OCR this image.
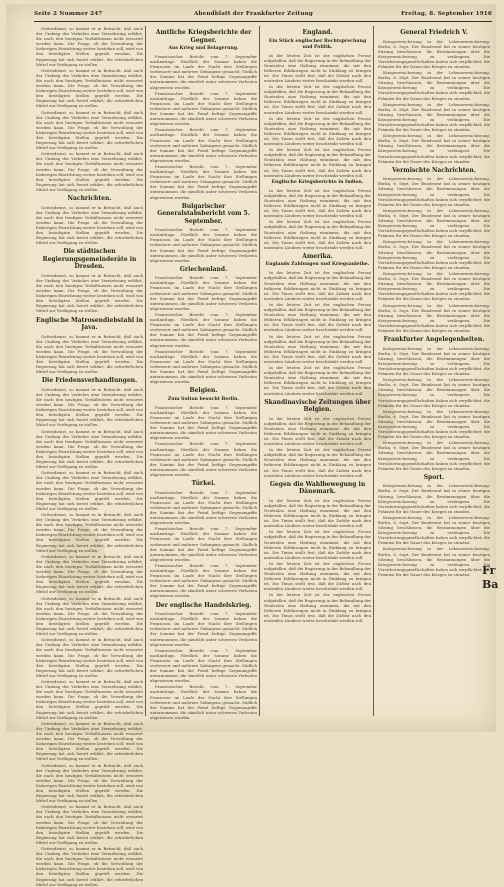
Seite 2 Nummer 247	Abendblatt der Frankfurter Zeitung	Freitag, 8. September 1916

Gottesdienst, so kommt er in Betracht, daß auch der Umfang des Verkehrs eine Vermehrung erfährt, die nach den heutigen Verhältnissen nicht erwartet werden kann. Die Frage, ob die Verwaltung der bisherigen Einrichtung weiter bestehen soll, wird von den beteiligten Stellen geprüft werden. Die Regierung hat sich bereit erklärt, die erforderlichen Mittel zur Verfügung zu stellen.

Gottesdienst, so kommt er in Betracht, daß auch der Umfang des Verkehrs eine Vermehrung erfährt, die nach den heutigen Verhältnissen nicht erwartet werden kann. Die Frage, ob die Verwaltung der bisherigen Einrichtung weiter bestehen soll, wird von den beteiligten Stellen geprüft werden. Die Regierung hat sich bereit erklärt, die erforderlichen Mittel zur Verfügung zu stellen.

Gottesdienst, so kommt er in Betracht, daß auch der Umfang des Verkehrs eine Vermehrung erfährt, die nach den heutigen Verhältnissen nicht erwartet werden kann. Die Frage, ob die Verwaltung der bisherigen Einrichtung weiter bestehen soll, wird von den beteiligten Stellen geprüft werden. Die Regierung hat sich bereit erklärt, die erforderlichen Mittel zur Verfügung zu stellen.

Gottesdienst, so kommt er in Betracht, daß auch der Umfang des Verkehrs eine Vermehrung erfährt, die nach den heutigen Verhältnissen nicht erwartet werden kann. Die Frage, ob die Verwaltung der bisherigen Einrichtung weiter bestehen soll, wird von den beteiligten Stellen geprüft werden. Die Regierung hat sich bereit erklärt, die erforderlichen Mittel zur Verfügung zu stellen.

Nachrichten.

Gottesdienst, so kommt er in Betracht, daß auch der Umfang des Verkehrs eine Vermehrung erfährt, die nach den heutigen Verhältnissen nicht erwartet werden kann. Die Frage, ob die Verwaltung der bisherigen Einrichtung weiter bestehen soll, wird von den beteiligten Stellen geprüft werden. Die Regierung hat sich bereit erklärt, die erforderlichen Mittel zur Verfügung zu stellen.

Die städtischen Regierungsgemeinderäte in Dresden.

Gottesdienst, so kommt er in Betracht, daß auch der Umfang des Verkehrs eine Vermehrung erfährt, die nach den heutigen Verhältnissen nicht erwartet werden kann. Die Frage, ob die Verwaltung der bisherigen Einrichtung weiter bestehen soll, wird von den beteiligten Stellen geprüft werden. Die Regierung hat sich bereit erklärt, die erforderlichen Mittel zur Verfügung zu stellen.

Englische Matrosendiebstahl in Java.

Gottesdienst, so kommt er in Betracht, daß auch der Umfang des Verkehrs eine Vermehrung erfährt, die nach den heutigen Verhältnissen nicht erwartet werden kann. Die Frage, ob die Verwaltung der bisherigen Einrichtung weiter bestehen soll, wird von den beteiligten Stellen geprüft werden. Die Regierung hat sich bereit erklärt, die erforderlichen Mittel zur Verfügung zu stellen.

Die Friedensverhandlungen.

Gottesdienst, so kommt er in Betracht, daß auch der Umfang des Verkehrs eine Vermehrung erfährt, die nach den heutigen Verhältnissen nicht erwartet werden kann. Die Frage, ob die Verwaltung der bisherigen Einrichtung weiter bestehen soll, wird von den beteiligten Stellen geprüft werden. Die Regierung hat sich bereit erklärt, die erforderlichen Mittel zur Verfügung zu stellen.

Gottesdienst, so kommt er in Betracht, daß auch der Umfang des Verkehrs eine Vermehrung erfährt, die nach den heutigen Verhältnissen nicht erwartet werden kann. Die Frage, ob die Verwaltung der bisherigen Einrichtung weiter bestehen soll, wird von den beteiligten Stellen geprüft werden. Die Regierung hat sich bereit erklärt, die erforderlichen Mittel zur Verfügung zu stellen.

Gottesdienst, so kommt er in Betracht, daß auch der Umfang des Verkehrs eine Vermehrung erfährt, die nach den heutigen Verhältnissen nicht erwartet werden kann. Die Frage, ob die Verwaltung der bisherigen Einrichtung weiter bestehen soll, wird von den beteiligten Stellen geprüft werden. Die Regierung hat sich bereit erklärt, die erforderlichen Mittel zur Verfügung zu stellen.

Gottesdienst, so kommt er in Betracht, daß auch der Umfang des Verkehrs eine Vermehrung erfährt, die nach den heutigen Verhältnissen nicht erwartet werden kann. Die Frage, ob die Verwaltung der bisherigen Einrichtung weiter bestehen soll, wird von den beteiligten Stellen geprüft werden. Die Regierung hat sich bereit erklärt, die erforderlichen Mittel zur Verfügung zu stellen.

Gottesdienst, so kommt er in Betracht, daß auch der Umfang des Verkehrs eine Vermehrung erfährt, die nach den heutigen Verhältnissen nicht erwartet werden kann. Die Frage, ob die Verwaltung der bisherigen Einrichtung weiter bestehen soll, wird von den beteiligten Stellen geprüft werden. Die Regierung hat sich bereit erklärt, die erforderlichen Mittel zur Verfügung zu stellen.

Gottesdienst, so kommt er in Betracht, daß auch der Umfang des Verkehrs eine Vermehrung erfährt, die nach den heutigen Verhältnissen nicht erwartet werden kann. Die Frage, ob die Verwaltung der bisherigen Einrichtung weiter bestehen soll, wird von den beteiligten Stellen geprüft werden. Die Regierung hat sich bereit erklärt, die erforderlichen Mittel zur Verfügung zu stellen.

Gottesdienst, so kommt er in Betracht, daß auch der Umfang des Verkehrs eine Vermehrung erfährt, die nach den heutigen Verhältnissen nicht erwartet werden kann. Die Frage, ob die Verwaltung der bisherigen Einrichtung weiter bestehen soll, wird von den beteiligten Stellen geprüft werden. Die Regierung hat sich bereit erklärt, die erforderlichen Mittel zur Verfügung zu stellen.

Gottesdienst, so kommt er in Betracht, daß auch der Umfang des Verkehrs eine Vermehrung erfährt, die nach den heutigen Verhältnissen nicht erwartet werden kann. Die Frage, ob die Verwaltung der bisherigen Einrichtung weiter bestehen soll, wird von den beteiligten Stellen geprüft werden. Die Regierung hat sich bereit erklärt, die erforderlichen Mittel zur Verfügung zu stellen.

Gottesdienst, so kommt er in Betracht, daß auch der Umfang des Verkehrs eine Vermehrung erfährt, die nach den heutigen Verhältnissen nicht erwartet werden kann. Die Frage, ob die Verwaltung der bisherigen Einrichtung weiter bestehen soll, wird von den beteiligten Stellen geprüft werden. Die Regierung hat sich bereit erklärt, die erforderlichen Mittel zur Verfügung zu stellen.

Gottesdienst, so kommt er in Betracht, daß auch der Umfang des Verkehrs eine Vermehrung erfährt, die nach den heutigen Verhältnissen nicht erwartet werden kann. Die Frage, ob die Verwaltung der bisherigen Einrichtung weiter bestehen soll, wird von den beteiligten Stellen geprüft werden. Die Regierung hat sich bereit erklärt, die erforderlichen Mittel zur Verfügung zu stellen.

Gottesdienst, so kommt er in Betracht, daß auch der Umfang des Verkehrs eine Vermehrung erfährt, die nach den heutigen Verhältnissen nicht erwartet werden kann. Die Frage, ob die Verwaltung der bisherigen Einrichtung weiter bestehen soll, wird von den beteiligten Stellen geprüft werden. Die Regierung hat sich bereit erklärt, die erforderlichen Mittel zur Verfügung zu stellen.

Gottesdienst, so kommt er in Betracht, daß auch der Umfang des Verkehrs eine Vermehrung erfährt, die nach den heutigen Verhältnissen nicht erwartet werden kann. Die Frage, ob die Verwaltung der bisherigen Einrichtung weiter bestehen soll, wird von den beteiligten Stellen geprüft werden. Die Regierung hat sich bereit erklärt, die erforderlichen Mittel zur Verfügung zu stellen.

Amtliche Kriegsberichte der Gegner.
Aus Krieg und Belagerung.

Französischer Bericht vom 7. September nachmittags. Nördlich der Somme haben die Franzosen im Laufe der Nacht ihre Stellungen verbessert und mehrere Gefangene gemacht. Südlich der Somme hat der Feind heftige Gegenangriffe unternommen, die sämtlich unter schweren Verlusten abgewiesen wurden.

Französischer Bericht vom 7. September nachmittags. Nördlich der Somme haben die Franzosen im Laufe der Nacht ihre Stellungen verbessert und mehrere Gefangene gemacht. Südlich der Somme hat der Feind heftige Gegenangriffe unternommen, die sämtlich unter schweren Verlusten abgewiesen wurden.

Französischer Bericht vom 7. September nachmittags. Nördlich der Somme haben die Franzosen im Laufe der Nacht ihre Stellungen verbessert und mehrere Gefangene gemacht. Südlich der Somme hat der Feind heftige Gegenangriffe unternommen, die sämtlich unter schweren Verlusten abgewiesen wurden.

Französischer Bericht vom 7. September nachmittags. Nördlich der Somme haben die Franzosen im Laufe der Nacht ihre Stellungen verbessert und mehrere Gefangene gemacht. Südlich der Somme hat der Feind heftige Gegenangriffe unternommen, die sämtlich unter schweren Verlusten abgewiesen wurden.

Bulgarischer Generalstabsbericht vom 5. September.

Französischer Bericht vom 7. September nachmittags. Nördlich der Somme haben die Franzosen im Laufe der Nacht ihre Stellungen verbessert und mehrere Gefangene gemacht. Südlich der Somme hat der Feind heftige Gegenangriffe unternommen, die sämtlich unter schweren Verlusten abgewiesen wurden.

Griechenland.

Französischer Bericht vom 7. September nachmittags. Nördlich der Somme haben die Franzosen im Laufe der Nacht ihre Stellungen verbessert und mehrere Gefangene gemacht. Südlich der Somme hat der Feind heftige Gegenangriffe unternommen, die sämtlich unter schweren Verlusten abgewiesen wurden.

Französischer Bericht vom 7. September nachmittags. Nördlich der Somme haben die Franzosen im Laufe der Nacht ihre Stellungen verbessert und mehrere Gefangene gemacht. Südlich der Somme hat der Feind heftige Gegenangriffe unternommen, die sämtlich unter schweren Verlusten abgewiesen wurden.

Französischer Bericht vom 7. September nachmittags. Nördlich der Somme haben die Franzosen im Laufe der Nacht ihre Stellungen verbessert und mehrere Gefangene gemacht. Südlich der Somme hat der Feind heftige Gegenangriffe unternommen, die sämtlich unter schweren Verlusten abgewiesen wurden.

Belgien.
Zum Sultan besucht Berlin.

Französischer Bericht vom 7. September nachmittags. Nördlich der Somme haben die Franzosen im Laufe der Nacht ihre Stellungen verbessert und mehrere Gefangene gemacht. Südlich der Somme hat der Feind heftige Gegenangriffe unternommen, die sämtlich unter schweren Verlusten abgewiesen wurden.

Französischer Bericht vom 7. September nachmittags. Nördlich der Somme haben die Franzosen im Laufe der Nacht ihre Stellungen verbessert und mehrere Gefangene gemacht. Südlich der Somme hat der Feind heftige Gegenangriffe unternommen, die sämtlich unter schweren Verlusten abgewiesen wurden.

Türkei.

Französischer Bericht vom 7. September nachmittags. Nördlich der Somme haben die Franzosen im Laufe der Nacht ihre Stellungen verbessert und mehrere Gefangene gemacht. Südlich der Somme hat der Feind heftige Gegenangriffe unternommen, die sämtlich unter schweren Verlusten abgewiesen wurden.

Französischer Bericht vom 7. September nachmittags. Nördlich der Somme haben die Franzosen im Laufe der Nacht ihre Stellungen verbessert und mehrere Gefangene gemacht. Südlich der Somme hat der Feind heftige Gegenangriffe unternommen, die sämtlich unter schweren Verlusten abgewiesen wurden.

Französischer Bericht vom 7. September nachmittags. Nördlich der Somme haben die Franzosen im Laufe der Nacht ihre Stellungen verbessert und mehrere Gefangene gemacht. Südlich der Somme hat der Feind heftige Gegenangriffe unternommen, die sämtlich unter schweren Verlusten abgewiesen wurden.

Der englische Handelskrieg.

Französischer Bericht vom 7. September nachmittags. Nördlich der Somme haben die Franzosen im Laufe der Nacht ihre Stellungen verbessert und mehrere Gefangene gemacht. Südlich der Somme hat der Feind heftige Gegenangriffe unternommen, die sämtlich unter schweren Verlusten abgewiesen wurden.

Französischer Bericht vom 7. September nachmittags. Nördlich der Somme haben die Franzosen im Laufe der Nacht ihre Stellungen verbessert und mehrere Gefangene gemacht. Südlich der Somme hat der Feind heftige Gegenangriffe unternommen, die sämtlich unter schweren Verlusten abgewiesen wurden.

Französischer Bericht vom 7. September nachmittags. Nördlich der Somme haben die Franzosen im Laufe der Nacht ihre Stellungen verbessert und mehrere Gefangene gemacht. Südlich der Somme hat der Feind heftige Gegenangriffe unternommen, die sämtlich unter schweren Verlusten abgewiesen wurden.

England.
Ein Stück englischer Rechtsprechung und Politik.

In der letzten Zeit ist der englischen Presse aufgefallen, daß die Regierung in der Behandlung der Neutralen eine Haltung einnimmt, die mit den früheren Erklärungen nicht in Einklang zu bringen ist. Die Times stellt fest, daß die Zufuhr nach den neutralen Ländern weiter beschränkt werden soll.

In der letzten Zeit ist der englischen Presse aufgefallen, daß die Regierung in der Behandlung der Neutralen eine Haltung einnimmt, die mit den früheren Erklärungen nicht in Einklang zu bringen ist. Die Times stellt fest, daß die Zufuhr nach den neutralen Ländern weiter beschränkt werden soll.

In der letzten Zeit ist der englischen Presse aufgefallen, daß die Regierung in der Behandlung der Neutralen eine Haltung einnimmt, die mit den früheren Erklärungen nicht in Einklang zu bringen ist. Die Times stellt fest, daß die Zufuhr nach den neutralen Ländern weiter beschränkt werden soll.

In der letzten Zeit ist der englischen Presse aufgefallen, daß die Regierung in der Behandlung der Neutralen eine Haltung einnimmt, die mit den früheren Erklärungen nicht in Einklang zu bringen ist. Die Times stellt fest, daß die Zufuhr nach den neutralen Ländern weiter beschränkt werden soll.

Englische Kriegsberichte in Indien.

In der letzten Zeit ist der englischen Presse aufgefallen, daß die Regierung in der Behandlung der Neutralen eine Haltung einnimmt, die mit den früheren Erklärungen nicht in Einklang zu bringen ist. Die Times stellt fest, daß die Zufuhr nach den neutralen Ländern weiter beschränkt werden soll.

In der letzten Zeit ist der englischen Presse aufgefallen, daß die Regierung in der Behandlung der Neutralen eine Haltung einnimmt, die mit den früheren Erklärungen nicht in Einklang zu bringen ist. Die Times stellt fest, daß die Zufuhr nach den neutralen Ländern weiter beschränkt werden soll.

Amerika.
Englands Zahlungen und Kriegsanleihe.

In der letzten Zeit ist der englischen Presse aufgefallen, daß die Regierung in der Behandlung der Neutralen eine Haltung einnimmt, die mit den früheren Erklärungen nicht in Einklang zu bringen ist. Die Times stellt fest, daß die Zufuhr nach den neutralen Ländern weiter beschränkt werden soll.

In der letzten Zeit ist der englischen Presse aufgefallen, daß die Regierung in der Behandlung der Neutralen eine Haltung einnimmt, die mit den früheren Erklärungen nicht in Einklang zu bringen ist. Die Times stellt fest, daß die Zufuhr nach den neutralen Ländern weiter beschränkt werden soll.

In der letzten Zeit ist der englischen Presse aufgefallen, daß die Regierung in der Behandlung der Neutralen eine Haltung einnimmt, die mit den früheren Erklärungen nicht in Einklang zu bringen ist. Die Times stellt fest, daß die Zufuhr nach den neutralen Ländern weiter beschränkt werden soll.

In der letzten Zeit ist der englischen Presse aufgefallen, daß die Regierung in der Behandlung der Neutralen eine Haltung einnimmt, die mit den früheren Erklärungen nicht in Einklang zu bringen ist. Die Times stellt fest, daß die Zufuhr nach den neutralen Ländern weiter beschränkt werden soll.

Skandinavische Zeitungen über Belgien.

In der letzten Zeit ist der englischen Presse aufgefallen, daß die Regierung in der Behandlung der Neutralen eine Haltung einnimmt, die mit den früheren Erklärungen nicht in Einklang zu bringen ist. Die Times stellt fest, daß die Zufuhr nach den neutralen Ländern weiter beschränkt werden soll.

In der letzten Zeit ist der englischen Presse aufgefallen, daß die Regierung in der Behandlung der Neutralen eine Haltung einnimmt, die mit den früheren Erklärungen nicht in Einklang zu bringen ist. Die Times stellt fest, daß die Zufuhr nach den neutralen Ländern weiter beschränkt werden soll.

Gegen die Wahlbewegung in Dänemark.

In der letzten Zeit ist der englischen Presse aufgefallen, daß die Regierung in der Behandlung der Neutralen eine Haltung einnimmt, die mit den früheren Erklärungen nicht in Einklang zu bringen ist. Die Times stellt fest, daß die Zufuhr nach den neutralen Ländern weiter beschränkt werden soll.

In der letzten Zeit ist der englischen Presse aufgefallen, daß die Regierung in der Behandlung der Neutralen eine Haltung einnimmt, die mit den früheren Erklärungen nicht in Einklang zu bringen ist. Die Times stellt fest, daß die Zufuhr nach den neutralen Ländern weiter beschränkt werden soll.

In der letzten Zeit ist der englischen Presse aufgefallen, daß die Regierung in der Behandlung der Neutralen eine Haltung einnimmt, die mit den früheren Erklärungen nicht in Einklang zu bringen ist. Die Times stellt fest, daß die Zufuhr nach den neutralen Ländern weiter beschränkt werden soll.

In der letzten Zeit ist der englischen Presse aufgefallen, daß die Regierung in der Behandlung der Neutralen eine Haltung einnimmt, die mit den früheren Erklärungen nicht in Einklang zu bringen ist. Die Times stellt fest, daß die Zufuhr nach den neutralen Ländern weiter beschränkt werden soll.

General Friedrich V.

Kriegsversicherung in der Lebensversicherung. Berlin, 6. Sept. Der Bundesrat hat in seiner heutigen Sitzung beschlossen, die Bestimmungen über die Kriegsversicherung zu verlängern. Die Versicherungsgesellschaften haben sich verpflichtet, die Prämien für die Dauer des Krieges zu stunden.

Kriegsversicherung in der Lebensversicherung. Berlin, 6. Sept. Der Bundesrat hat in seiner heutigen Sitzung beschlossen, die Bestimmungen über die Kriegsversicherung zu verlängern. Die Versicherungsgesellschaften haben sich verpflichtet, die Prämien für die Dauer des Krieges zu stunden.

Kriegsversicherung in der Lebensversicherung. Berlin, 6. Sept. Der Bundesrat hat in seiner heutigen Sitzung beschlossen, die Bestimmungen über die Kriegsversicherung zu verlängern. Die Versicherungsgesellschaften haben sich verpflichtet, die Prämien für die Dauer des Krieges zu stunden.

Kriegsversicherung in der Lebensversicherung. Berlin, 6. Sept. Der Bundesrat hat in seiner heutigen Sitzung beschlossen, die Bestimmungen über die Kriegsversicherung zu verlängern. Die Versicherungsgesellschaften haben sich verpflichtet, die Prämien für die Dauer des Krieges zu stunden.

Vermischte Nachrichten.

Kriegsversicherung in der Lebensversicherung. Berlin, 6. Sept. Der Bundesrat hat in seiner heutigen Sitzung beschlossen, die Bestimmungen über die Kriegsversicherung zu verlängern. Die Versicherungsgesellschaften haben sich verpflichtet, die Prämien für die Dauer des Krieges zu stunden.

Kriegsversicherung in der Lebensversicherung. Berlin, 6. Sept. Der Bundesrat hat in seiner heutigen Sitzung beschlossen, die Bestimmungen über die Kriegsversicherung zu verlängern. Die Versicherungsgesellschaften haben sich verpflichtet, die Prämien für die Dauer des Krieges zu stunden.

Kriegsversicherung in der Lebensversicherung. Berlin, 6. Sept. Der Bundesrat hat in seiner heutigen Sitzung beschlossen, die Bestimmungen über die Kriegsversicherung zu verlängern. Die Versicherungsgesellschaften haben sich verpflichtet, die Prämien für die Dauer des Krieges zu stunden.

Kriegsversicherung in der Lebensversicherung. Berlin, 6. Sept. Der Bundesrat hat in seiner heutigen Sitzung beschlossen, die Bestimmungen über die Kriegsversicherung zu verlängern. Die Versicherungsgesellschaften haben sich verpflichtet, die Prämien für die Dauer des Krieges zu stunden.

Kriegsversicherung in der Lebensversicherung. Berlin, 6. Sept. Der Bundesrat hat in seiner heutigen Sitzung beschlossen, die Bestimmungen über die Kriegsversicherung zu verlängern. Die Versicherungsgesellschaften haben sich verpflichtet, die Prämien für die Dauer des Krieges zu stunden.

Frankfurter Angelegenheiten.

Kriegsversicherung in der Lebensversicherung. Berlin, 6. Sept. Der Bundesrat hat in seiner heutigen Sitzung beschlossen, die Bestimmungen über die Kriegsversicherung zu verlängern. Die Versicherungsgesellschaften haben sich verpflichtet, die Prämien für die Dauer des Krieges zu stunden.

Kriegsversicherung in der Lebensversicherung. Berlin, 6. Sept. Der Bundesrat hat in seiner heutigen Sitzung beschlossen, die Bestimmungen über die Kriegsversicherung zu verlängern. Die Versicherungsgesellschaften haben sich verpflichtet, die Prämien für die Dauer des Krieges zu stunden.

Kriegsversicherung in der Lebensversicherung. Berlin, 6. Sept. Der Bundesrat hat in seiner heutigen Sitzung beschlossen, die Bestimmungen über die Kriegsversicherung zu verlängern. Die Versicherungsgesellschaften haben sich verpflichtet, die Prämien für die Dauer des Krieges zu stunden.

Kriegsversicherung in der Lebensversicherung. Berlin, 6. Sept. Der Bundesrat hat in seiner heutigen Sitzung beschlossen, die Bestimmungen über die Kriegsversicherung zu verlängern. Die Versicherungsgesellschaften haben sich verpflichtet, die Prämien für die Dauer des Krieges zu stunden.

Sport.

Kriegsversicherung in der Lebensversicherung. Berlin, 6. Sept. Der Bundesrat hat in seiner heutigen Sitzung beschlossen, die Bestimmungen über die Kriegsversicherung zu verlängern. Die Versicherungsgesellschaften haben sich verpflichtet, die Prämien für die Dauer des Krieges zu stunden.

Kriegsversicherung in der Lebensversicherung. Berlin, 6. Sept. Der Bundesrat hat in seiner heutigen Sitzung beschlossen, die Bestimmungen über die Kriegsversicherung zu verlängern. Die Versicherungsgesellschaften haben sich verpflichtet, die Prämien für die Dauer des Krieges zu stunden.

Kriegsversicherung in der Lebensversicherung. Berlin, 6. Sept. Der Bundesrat hat in seiner heutigen Sitzung beschlossen, die Bestimmungen über die Kriegsversicherung zu verlängern. Die Versicherungsgesellschaften haben sich verpflichtet, die Prämien für die Dauer des Krieges zu stunden.	Fr Ba
